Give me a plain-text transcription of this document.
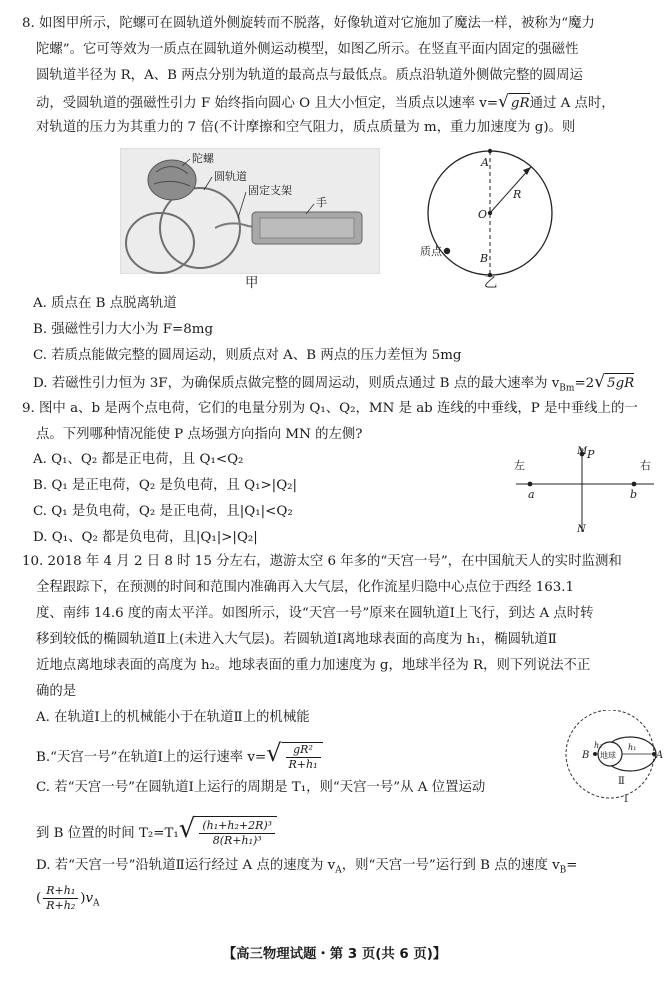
8. 如图甲所示，陀螺可在圆轨道外侧旋转而不脱落，好像轨道对它施加了魔法一样，被称为“魔力
陀螺”。它可等效为一质点在圆轨道外侧运动模型，如图乙所示。在竖直平面内固定的强磁性
圆轨道半径为 R，A、B 两点分别为轨道的最高点与最低点。质点沿轨道外侧做完整的圆周运
动，受圆轨道的强磁性引力 F 始终指向圆心 O 且大小恒定，当质点以速率 v=√ gR通过 A 点时，
对轨道的压力为其重力的 7 倍(不计摩擦和空气阻力，质点质量为 m，重力加速度为 g)。则
陀螺
圆轨道
固定支架
手
甲
A
B
O
R
质点
乙
A. 质点在 B 点脱离轨道
B. 强磁性引力大小为 F=8mg
C. 若质点能做完整的圆周运动，则质点对 A、B 两点的压力差恒为 5mg
D. 若磁性引力恒为 3F，为确保质点做完整的圆周运动，则质点通过 B 点的最大速率为 $v_{Bm}=2√$ 5gR
9. 图中 a、b 是两个点电荷，它们的电量分别为 Q₁、Q₂，MN 是 ab 连线的中垂线，P 是中垂线上的一
点。下列哪种情况能使 P 点场强方向指向 MN 的左侧?
A. Q₁、Q₂ 都是正电荷，且 Q₁<Q₂
B. Q₁ 是正电荷，Q₂ 是负电荷，且 Q₁>|Q₂|
C. Q₁ 是负电荷，Q₂ 是正电荷，且|Q₁|<Q₂
D. Q₁、Q₂ 都是负电荷，且|Q₁|>|Q₂|
左	右
a	b
P
M
N
10. 2018 年 4 月 2 日 8 时 15 分左右，遨游太空 6 年多的“天宫一号”，在中国航天人的实时监测和
全程跟踪下，在预测的时间和范围内准确再入大气层，化作流星归隐中心点位于西经 163.1
度、南纬 14.6 度的南太平洋。如图所示，设“天宫一号”原来在圆轨道Ⅰ上飞行，到达 A 点时转
移到较低的椭圆轨道Ⅱ上(未进入大气层)。若圆轨道Ⅰ离地球表面的高度为 h₁，椭圆轨道Ⅱ
近地点离地球表面的高度为 h₂。地球表面的重力加速度为 g，地球半径为 R，则下列说法不正
确的是
A. 在轨道Ⅰ上的机械能小于在轨道Ⅱ上的机械能
B.“天宫一号”在轨道Ⅰ上的运行速率 $v=√ \frac{\text{gR²}}{\text{R+h₁}}$
C. 若“天宫一号”在圆轨道Ⅰ上运行的周期是 T₁，则“天宫一号”从 A 位置运动
到 B 位置的时间 $T_2=T_1√ \frac{\text{(h₁+h₂+2R)³}}{\text{8(R+h₁)³}}$
D. 若“天宫一号”沿轨道Ⅱ运行经过 A 点的速度为 $v_A$，则“天宫一号”运行到 B 点的速度 $v_B=$
( $\frac{\text{R+h₁}}{\text{R+h₂}} )v_A$
地球
B	A
h₂	h₁
Ⅱ
Ⅰ
【高三物理试题・第 3 页(共 6 页)】
